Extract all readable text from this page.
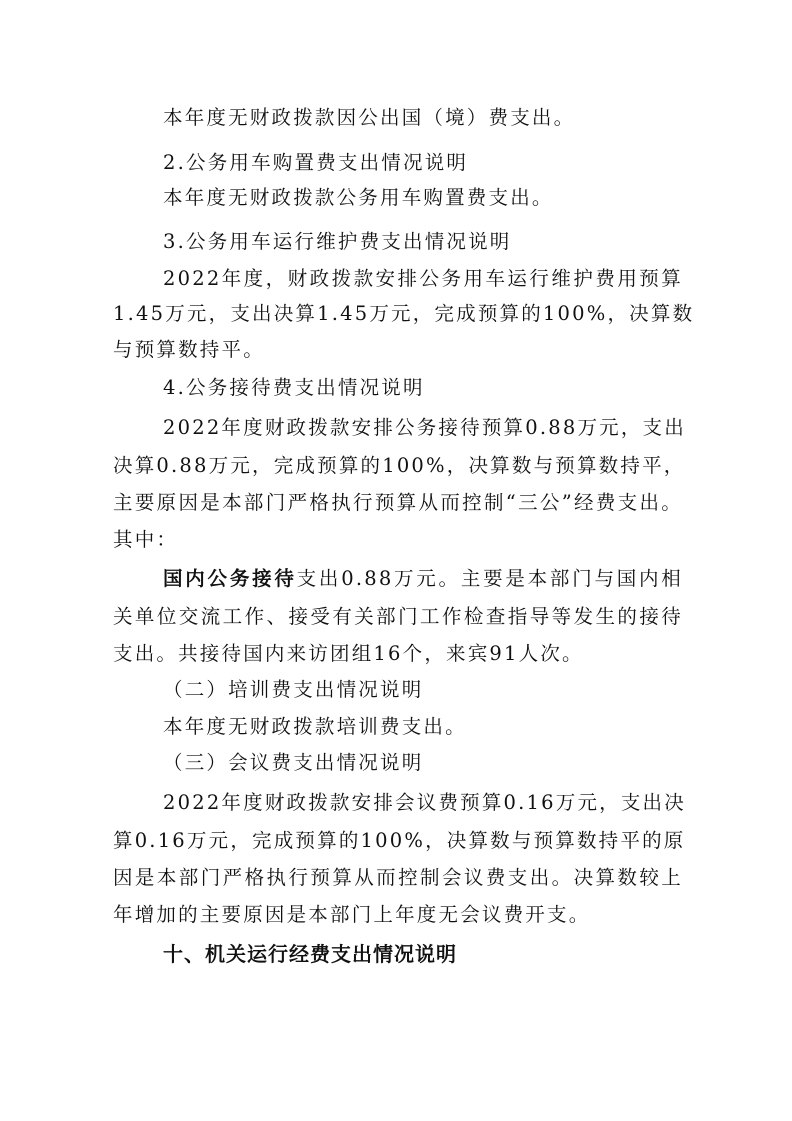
本年度无财政拨款因公出国（境）费支出。
2.公务用车购置费支出情况说明
本年度无财政拨款公务用车购置费支出。
3.公务用车运行维护费支出情况说明
2022年度，财政拨款安排公务用车运行维护费用预算
1.45万元，支出决算1.45万元，完成预算的100%，决算数
与预算数持平。
4.公务接待费支出情况说明
2022年度财政拨款安排公务接待预算0.88万元，支出
决算0.88万元，完成预算的100%，决算数与预算数持平，
主要原因是本部门严格执行预算从而控制“三公”经费支出。
其中：
国内公务接待支出0.88万元。主要是本部门与国内相
关单位交流工作、接受有关部门工作检查指导等发生的接待
支出。共接待国内来访团组16个，来宾91人次。
（二）培训费支出情况说明
本年度无财政拨款培训费支出。
（三）会议费支出情况说明
2022年度财政拨款安排会议费预算0.16万元，支出决
算0.16万元，完成预算的100%，决算数与预算数持平的原
因是本部门严格执行预算从而控制会议费支出。决算数较上
年增加的主要原因是本部门上年度无会议费开支。
十、机关运行经费支出情况说明
